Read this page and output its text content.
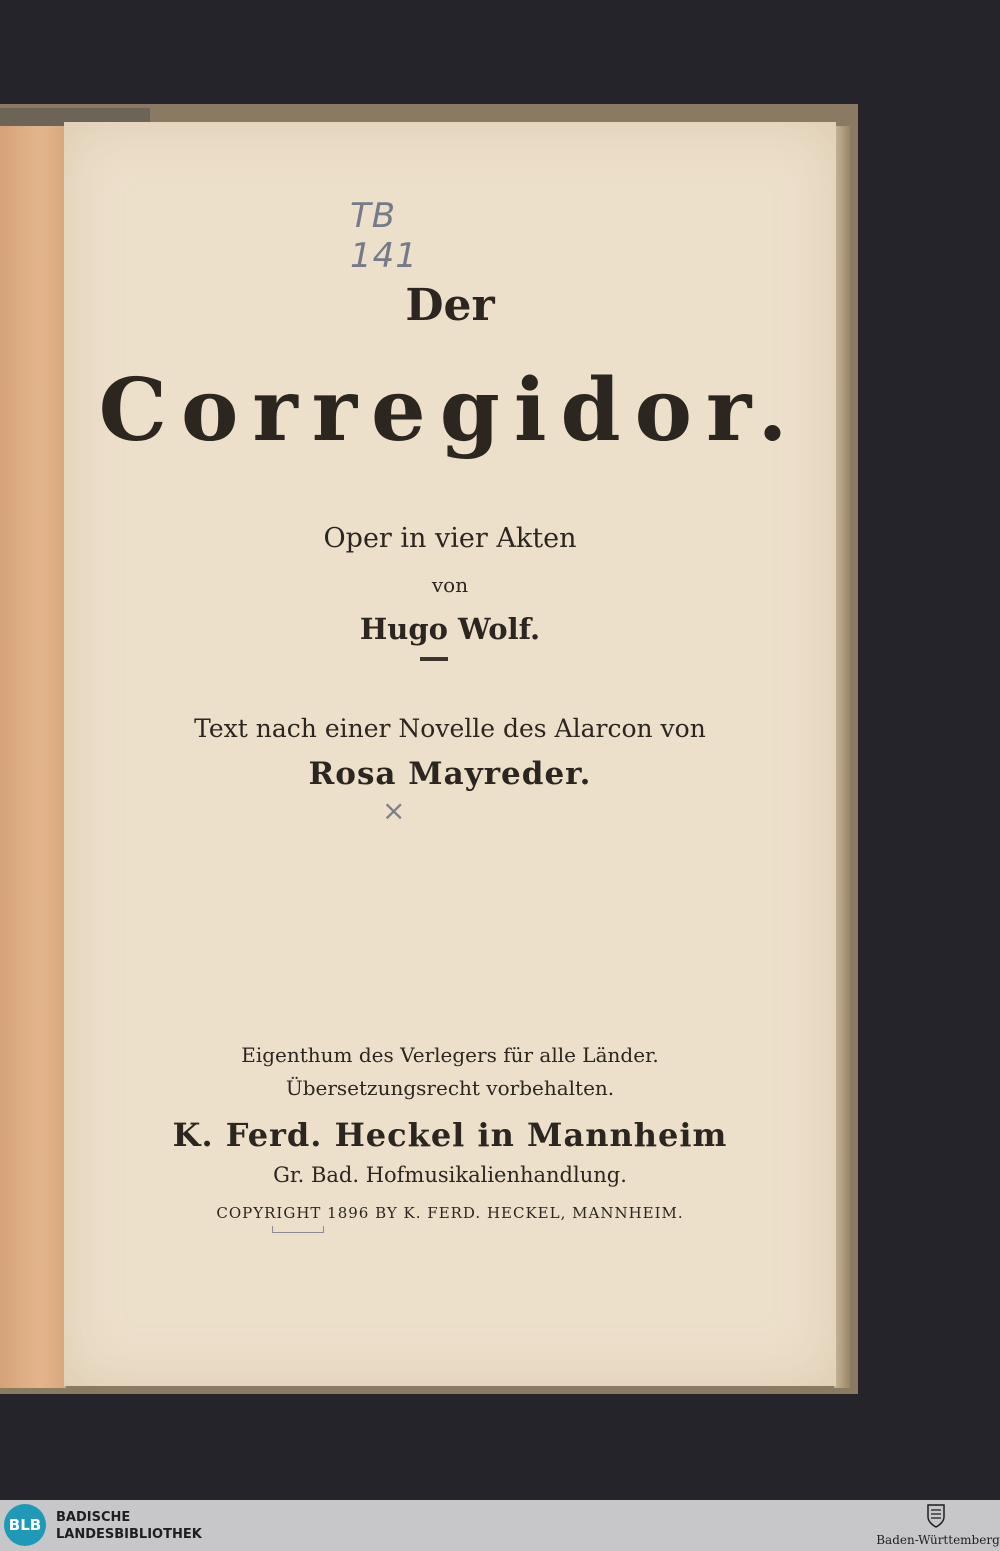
TB 141
Der
Corregidor.
Oper in vier Akten
von
Hugo Wolf.
Text nach einer Novelle des Alarcon von
Rosa Mayreder.
×
Eigenthum des Verlegers für alle Länder.
Übersetzungsrecht vorbehalten.
K. Ferd. Heckel in Mannheim
Gr. Bad. Hofmusikalienhandlung.
COPYRIGHT 1896 BY K. FERD. HECKEL, MANNHEIM.
BLB	BADISCHE
LANDESBIBLIOTHEK	Baden-Württemberg
